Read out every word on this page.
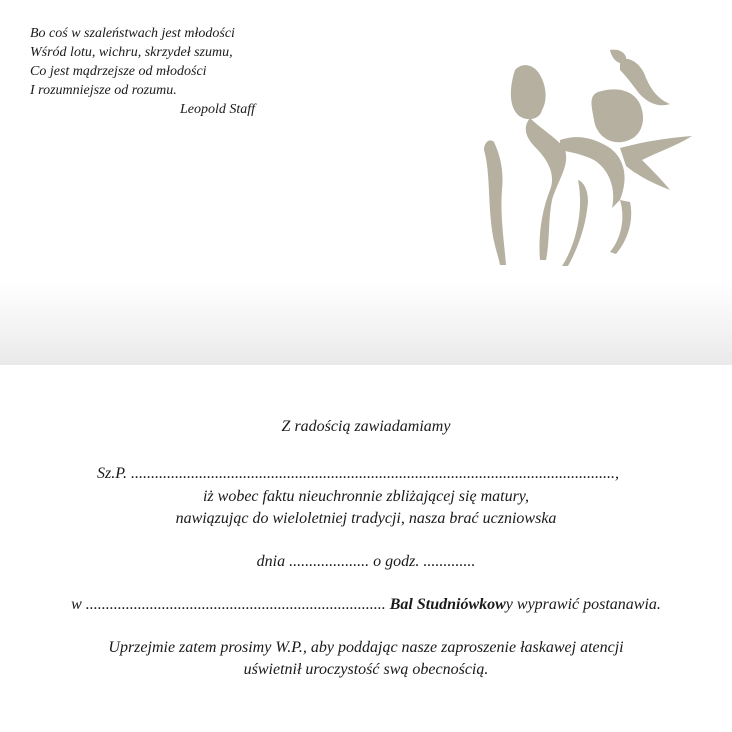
Bo coś w szaleństwach jest młodości
Wśród lotu, wichru, skrzydeł szumu,
Co jest mądrzejsze od młodości
I rozumniejsze od rozumu.
Leopold Staff
Z radością zawiadamiamy
Sz.P. .........................................................................................................................,
iż wobec faktu nieuchronnie zbliżającej się matury,
nawiązując do wieloletniej tradycji, nasza brać uczniowska
dnia .................... o godz. .............
w ........................................................................... Bal Studniówkowy wyprawić postanawia.
Uprzejmie zatem prosimy W.P., aby poddając nasze zaproszenie łaskawej atencji
uświetnił uroczystość swą obecnością.
